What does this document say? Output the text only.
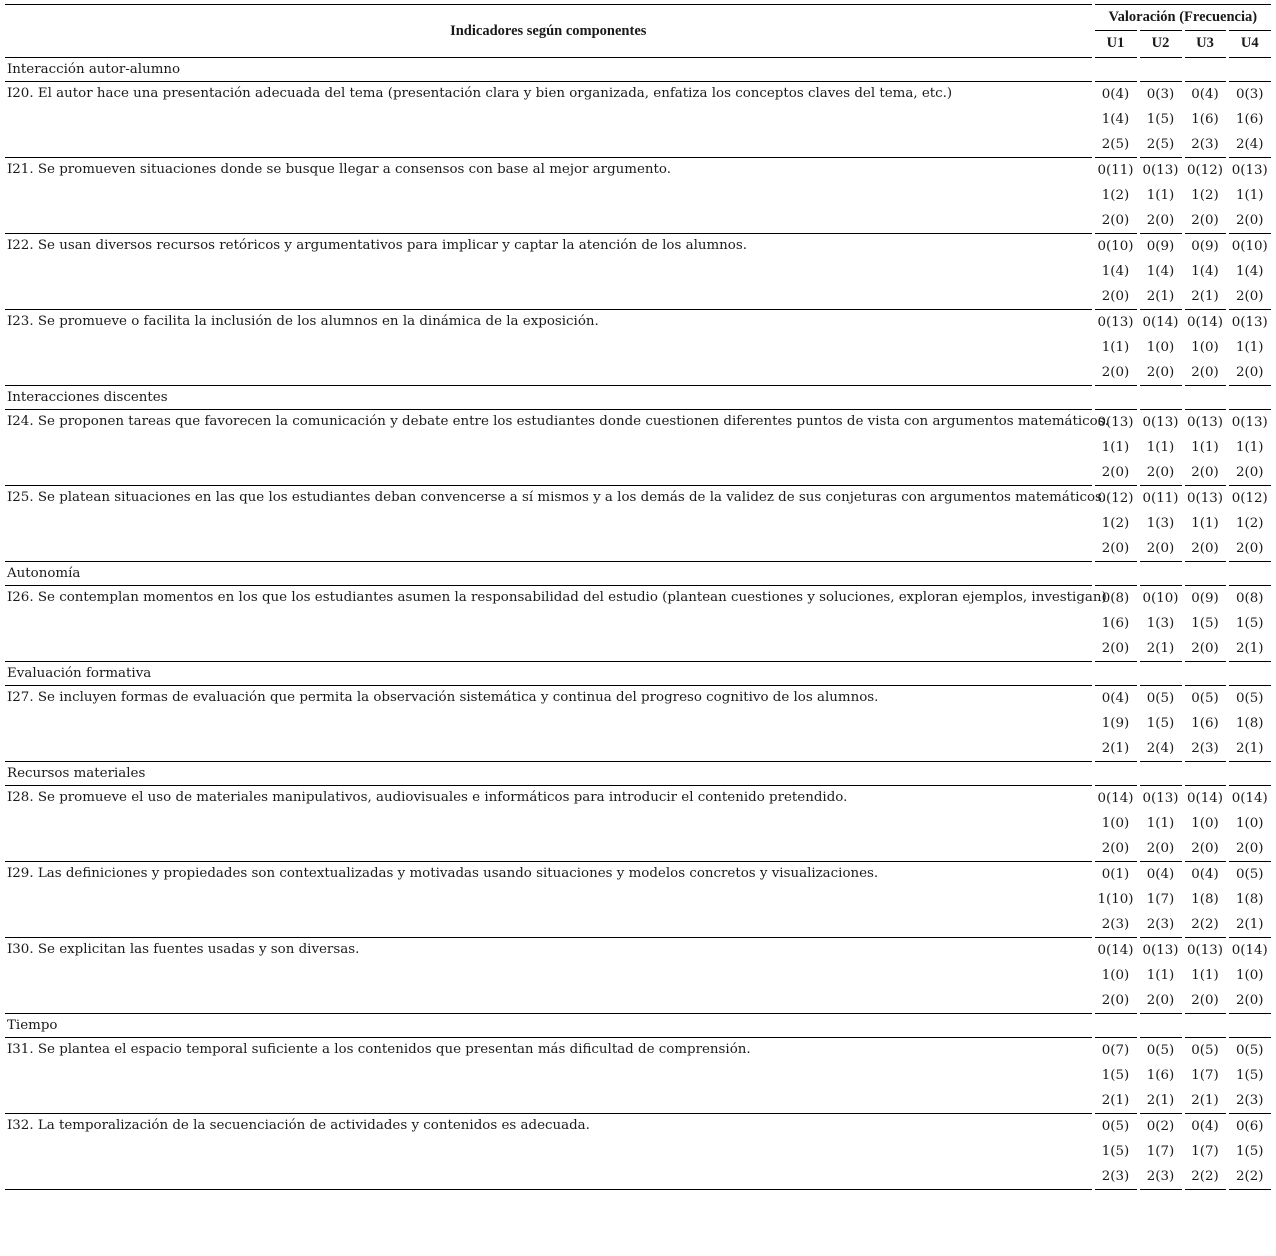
Indicadores según componentes	Valoración (Frecuencia)			
	U1	U2	U3	U4
Interacción autor-alumno				
I20. El autor hace una presentación adecuada del tema (presentación clara y bien organizada, enfatiza los conceptos claves del tema, etc.)	0(4)	0(3)	0(4)	0(3)
	1(4)	1(5)	1(6)	1(6)
	2(5)	2(5)	2(3)	2(4)
I21. Se promueven situaciones donde se busque llegar a consensos con base al mejor argumento.	0(11)	0(13)	0(12)	0(13)
	1(2)	1(1)	1(2)	1(1)
	2(0)	2(0)	2(0)	2(0)
I22. Se usan diversos recursos retóricos y argumentativos para implicar y captar la atención de los alumnos.	0(10)	0(9)	0(9)	0(10)
	1(4)	1(4)	1(4)	1(4)
	2(0)	2(1)	2(1)	2(0)
I23. Se promueve o facilita la inclusión de los alumnos en la dinámica de la exposición.	0(13)	0(14)	0(14)	0(13)
	1(1)	1(0)	1(0)	1(1)
	2(0)	2(0)	2(0)	2(0)
Interacciones discentes				
I24. Se proponen tareas que favorecen la comunicación y debate entre los estudiantes donde cuestionen diferentes puntos de vista con argumentos matemáticos.	0(13)	0(13)	0(13)	0(13)
	1(1)	1(1)	1(1)	1(1)
	2(0)	2(0)	2(0)	2(0)
I25. Se platean situaciones en las que los estudiantes deban convencerse a sí mismos y a los demás de la validez de sus conjeturas con argumentos matemáticos.	0(12)	0(11)	0(13)	0(12)
	1(2)	1(3)	1(1)	1(2)
	2(0)	2(0)	2(0)	2(0)
Autonomía				
I26. Se contemplan momentos en los que los estudiantes asumen la responsabilidad del estudio (plantean cuestiones y soluciones, exploran ejemplos, investigan)	0(8)	0(10)	0(9)	0(8)
	1(6)	1(3)	1(5)	1(5)
	2(0)	2(1)	2(0)	2(1)
Evaluación formativa				
I27. Se incluyen formas de evaluación que permita la observación sistemática y continua del progreso cognitivo de los alumnos.	0(4)	0(5)	0(5)	0(5)
	1(9)	1(5)	1(6)	1(8)
	2(1)	2(4)	2(3)	2(1)
Recursos materiales				
I28. Se promueve el uso de materiales manipulativos, audiovisuales e informáticos para introducir el contenido pretendido.	0(14)	0(13)	0(14)	0(14)
	1(0)	1(1)	1(0)	1(0)
	2(0)	2(0)	2(0)	2(0)
I29. Las definiciones y propiedades son contextualizadas y motivadas usando situaciones y modelos concretos y visualizaciones.	0(1)	0(4)	0(4)	0(5)
	1(10)	1(7)	1(8)	1(8)
	2(3)	2(3)	2(2)	2(1)
I30. Se explicitan las fuentes usadas y son diversas.	0(14)	0(13)	0(13)	0(14)
	1(0)	1(1)	1(1)	1(0)
	2(0)	2(0)	2(0)	2(0)
Tiempo				
I31. Se plantea el espacio temporal suficiente a los contenidos que presentan más dificultad de comprensión.	0(7)	0(5)	0(5)	0(5)
	1(5)	1(6)	1(7)	1(5)
	2(1)	2(1)	2(1)	2(3)
I32. La temporalización de la secuenciación de actividades y contenidos es adecuada.	0(5)	0(2)	0(4)	0(6)
	1(5)	1(7)	1(7)	1(5)
	2(3)	2(3)	2(2)	2(2)
